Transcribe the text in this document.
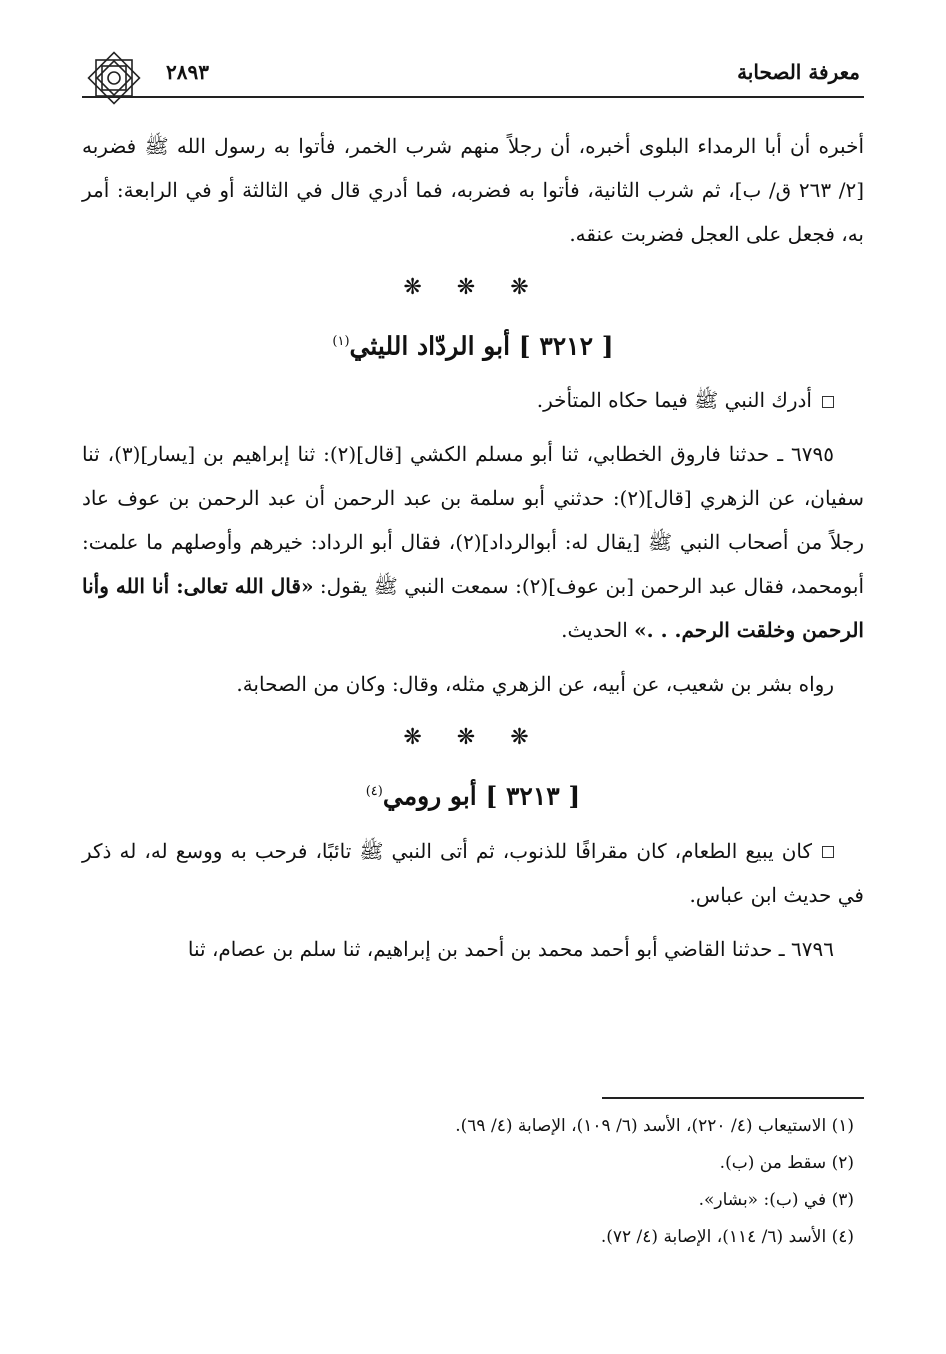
معرفة الصحابة
٢٨٩٣

أخبره أن أبا الرمداء البلوى أخبره، أن رجلاً منهم شرب الخمر، فأتوا به رسول الله ﷺ فضربه [٢/ ٢٦٣ ق/ ب]، ثم شرب الثانية، فأتوا به فضربه، فما أدري قال في الثالثة أو في الرابعة: أمر به، فجعل على العجل فضربت عنقه.

❋ ❋ ❋
[ ٣٢١٢ ] أبو الردّاد الليثي$^{(١)}$

أدرك النبي ﷺ فيما حكاه المتأخر.

٦٧٩٥ ـ حدثنا فاروق الخطابي، ثنا أبو مسلم الكشي [قال](٢): ثنا إبراهيم بن [يسار](٣)، ثنا سفيان، عن الزهري [قال](٢): حدثني أبو سلمة بن عبد الرحمن أن عبد الرحمن بن عوف عاد رجلاً من أصحاب النبي ﷺ [يقال له: أبوالرداد](٢)، فقال أبو الرداد: خيرهم وأوصلهم ما علمت: أبومحمد، فقال عبد الرحمن [بن عوف](٢): سمعت النبي ﷺ يقول: «قال الله تعالى: أنا الله وأنا الرحمن وخلقت الرحم. . .» الحديث.

رواه بشر بن شعيب، عن أبيه، عن الزهري مثله، وقال: وكان من الصحابة.

❋ ❋ ❋
[ ٣٢١٣ ] أبو رومي$^{(٤)}$

كان يبيع الطعام، كان مقرافًا للذنوب، ثم أتى النبي ﷺ تائبًا، فرحب به ووسع له، له ذكر في حديث ابن عباس.

٦٧٩٦ ـ حدثنا القاضي أبو أحمد محمد بن أحمد بن إبراهيم، ثنا سلم بن عصام، ثنا

(١) الاستيعاب (٤/ ٢٢٠)، الأسد (٦/ ١٠٩)، الإصابة (٤/ ٦٩).
(٢) سقط من (ب).
(٣) في (ب): «بشار».
(٤) الأسد (٦/ ١١٤)، الإصابة (٤/ ٧٢).
